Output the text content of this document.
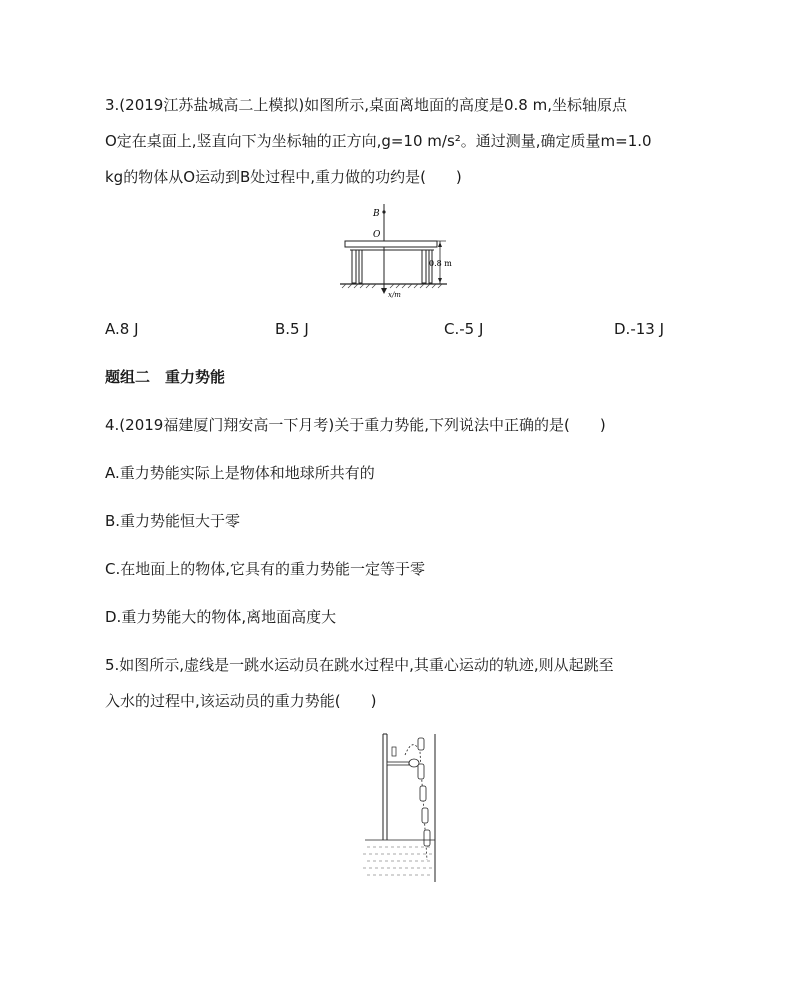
3.(2019江苏盐城高二上模拟)如图所示,桌面离地面的高度是0.8 m,坐标轴原点
O定在桌面上,竖直向下为坐标轴的正方向,g=10 m/s²。通过测量,确定质量m=1.0
kg的物体从O运动到B处过程中,重力做的功约是(　　)
B
O
0.8 m
x/m
A.8 J	B.5 J	C.-5 J	D.-13 J
题组二　重力势能
4.(2019福建厦门翔安高一下月考)关于重力势能,下列说法中正确的是(　　)
A.重力势能实际上是物体和地球所共有的
B.重力势能恒大于零
C.在地面上的物体,它具有的重力势能一定等于零
D.重力势能大的物体,离地面高度大
5.如图所示,虚线是一跳水运动员在跳水过程中,其重心运动的轨迹,则从起跳至
入水的过程中,该运动员的重力势能(　　)
